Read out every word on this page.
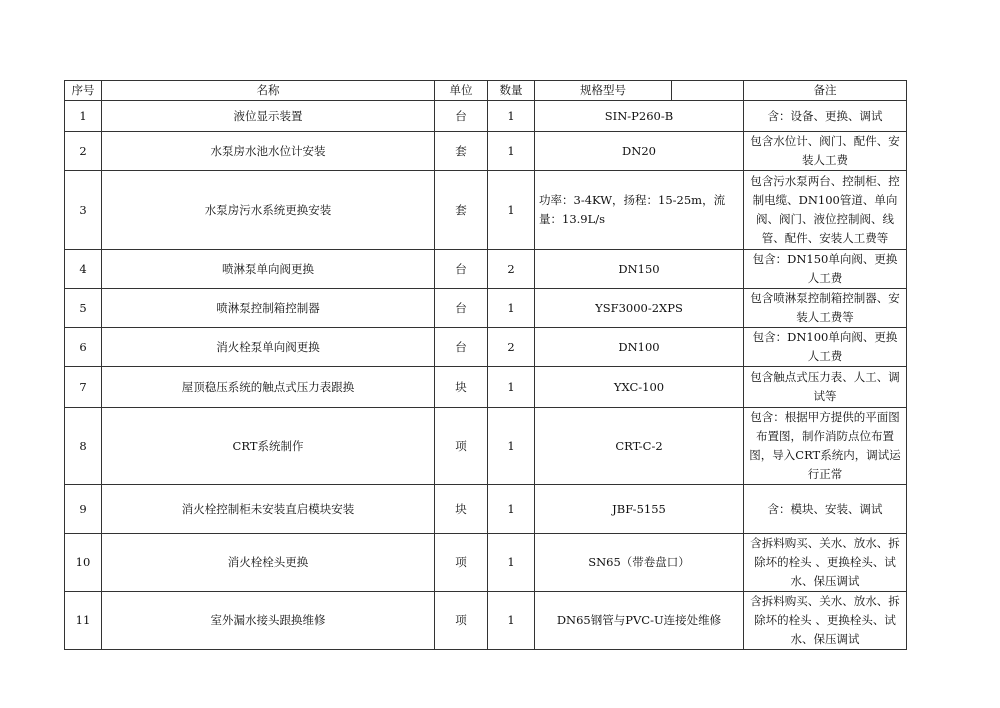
序号	名称	单位	数量	规格型号		备注
1	液位显示装置	台	1	SIN-P260-B		含：设备、更换、调试
2	水泵房水池水位计安装	套	1	DN20		包含水位计、阀门、配件、安装人工费
3	水泵房污水系统更换安装	套	1	功率：3-4KW，扬程：15-25m，流量：13.9L/s		包含污水泵两台、控制柜、控制电缆、DN100管道、单向阀、阀门、液位控制阀、线管、配件、安装人工费等
4	喷淋泵单向阀更换	台	2	DN150		包含：DN150单向阀、更换人工费
5	喷淋泵控制箱控制器	台	1	YSF3000-2XPS		包含喷淋泵控制箱控制器、安装人工费等
6	消火栓泵单向阀更换	台	2	DN100		包含：DN100单向阀、更换人工费
7	屋顶稳压系统的触点式压力表跟换	块	1	YXC-100		包含触点式压力表、人工、调试等
8	CRT系统制作	项	1	CRT-C-2		包含：根据甲方提供的平面图布置图，制作消防点位布置图，导入CRT系统内，调试运行正常
9	消火栓控制柜未安装直启模块安装	块	1	JBF-5155		含：模块、安装、调试
10	消火栓栓头更换	项	1	SN65（带卷盘口）		含拆料购买、关水、放水、拆除坏的栓头 、更换栓头、试水、保压调试
11	室外漏水接头跟换维修	项	1	DN65钢管与PVC-U连接处维修		含拆料购买、关水、放水、拆除坏的栓头 、更换栓头、试水、保压调试
